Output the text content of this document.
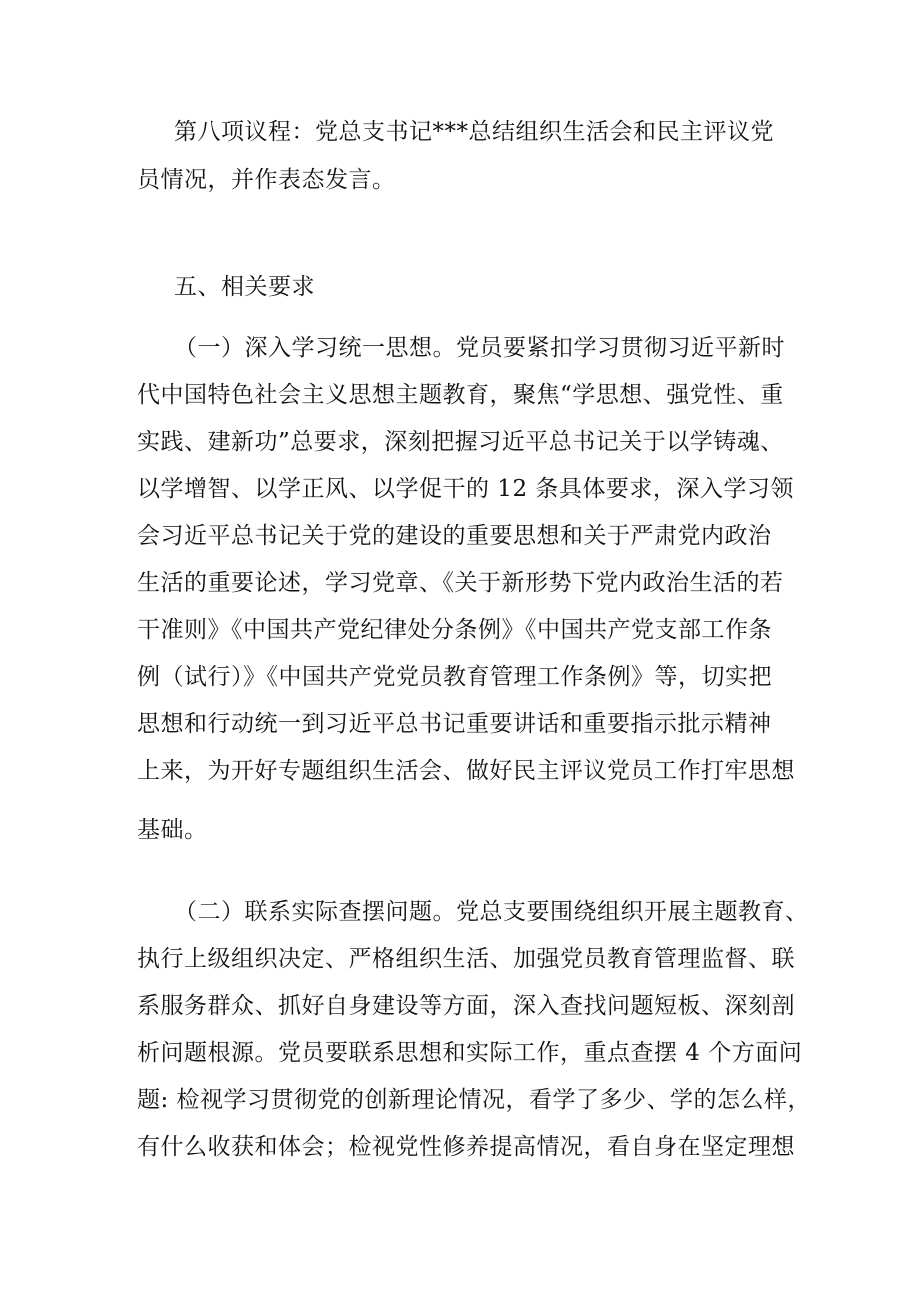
第八项议程：党总支书记***总结组织生活会和民主评议党
员情况，并作表态发言。
五、相关要求
（一）深入学习统一思想。党员要紧扣学习贯彻习近平新时
代中国特色社会主义思想主题教育，聚焦“学思想、强党性、重
实践、建新功”总要求，深刻把握习近平总书记关于以学铸魂、
以学增智、以学正风、以学促干的 12 条具体要求，深入学习领
会习近平总书记关于党的建设的重要思想和关于严肃党内政治
生活的重要论述，学习党章、《关于新形势下党内政治生活的若
干准则》《中国共产党纪律处分条例》《中国共产党支部工作条
例（试行）》《中国共产党党员教育管理工作条例》等，切实把
思想和行动统一到习近平总书记重要讲话和重要指示批示精神
上来，为开好专题组织生活会、做好民主评议党员工作打牢思想
基础。
（二）联系实际查摆问题。党总支要围绕组织开展主题教育、
执行上级组织决定、严格组织生活、加强党员教育管理监督、联
系服务群众、抓好自身建设等方面，深入查找问题短板、深刻剖
析问题根源。党员要联系思想和实际工作，重点查摆 4 个方面问
题: 检视学习贯彻党的创新理论情况，看学了多少、学的怎么样，
有什么收获和体会；检视党性修养提高情况，看自身在坚定理想
